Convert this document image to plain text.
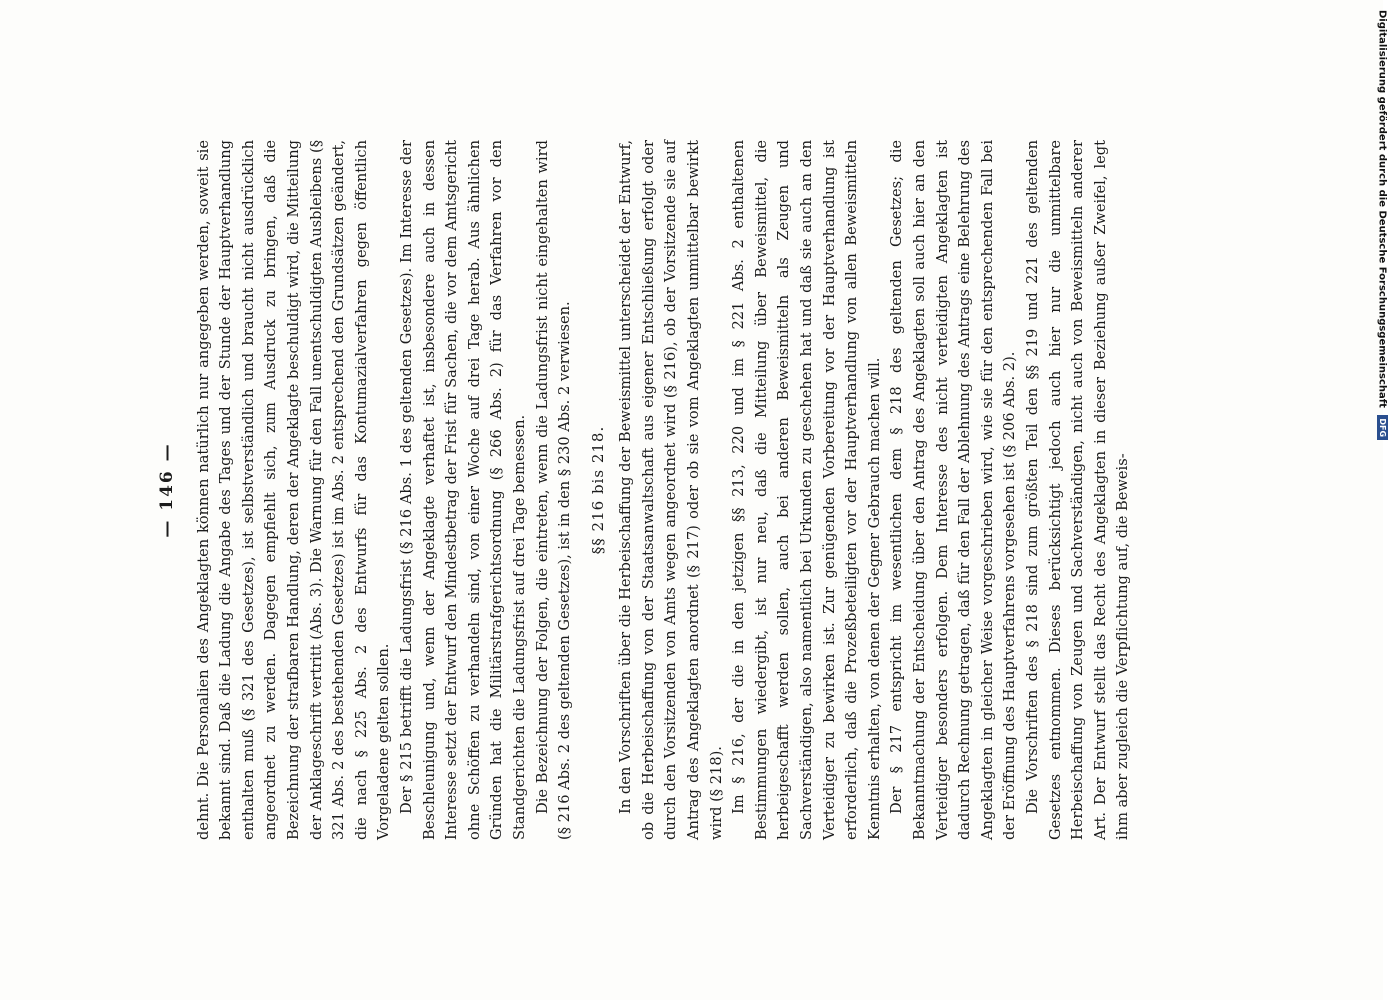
— 146 — dehnt. Die Personalien des Angeklagten können natürlich nur angegeben werden, soweit sie bekannt sind. Daß die Ladung die Angabe des Tages und der Stunde der Hauptverhandlung enthalten muß (§ 321 des Gesetzes), ist selbstverständlich und braucht nicht ausdrücklich angeordnet zu werden. Dagegen empfiehlt sich, zum Ausdruck zu bringen, daß die Bezeichnung der strafbaren Handlung, deren der Angeklagte beschuldigt wird, die Mitteilung der Anklageschrift vertritt (Abs. 3). Die Warnung für den Fall unentschuldigten Ausbleibens (§ 321 Abs. 2 des bestehenden Gesetzes) ist im Abs. 2 entsprechend den Grundsätzen geändert, die nach § 225 Abs. 2 des Entwurfs für das Kontumazialverfahren gegen öffentlich Vorgeladene gelten sollen. Der § 215 betrifft die Ladungsfrist (§ 216 Abs. 1 des geltenden Gesetzes). Im Interesse der Beschleunigung und, wenn der Angeklagte verhaftet ist, insbesondere auch in dessen Interesse setzt der Entwurf den Mindestbetrag der Frist für Sachen, die vor dem Amtsgericht ohne Schöffen zu verhandeln sind, von einer Woche auf drei Tage herab. Aus ähnlichen Gründen hat die Militärstrafgerichtsordnung (§ 266 Abs. 2) für das Verfahren vor den Standgerichten die Ladungsfrist auf drei Tage bemessen. Die Bezeichnung der Folgen, die eintreten, wenn die Ladungsfrist nicht eingehalten wird (§ 216 Abs. 2 des geltenden Gesetzes), ist in den § 230 Abs. 2 verwiesen. §§ 216 bis 218. In den Vorschriften über die Herbeischaffung der Beweismittel unterscheidet der Entwurf, ob die Herbeischaffung von der Staatsanwaltschaft aus eigener Entschließung erfolgt oder durch den Vorsitzenden von Amts wegen angeordnet wird (§ 216), ob der Vorsitzende sie auf Antrag des Angeklagten anordnet (§ 217) oder ob sie vom Angeklagten unmittelbar bewirkt wird (§ 218). Im § 216, der die in den jetzigen §§ 213, 220 und im § 221 Abs. 2 enthaltenen Bestimmungen wiedergibt, ist nur neu, daß die Mitteilung über Beweismittel, die herbeigeschafft werden sollen, auch bei anderen Beweismitteln als Zeugen und Sachverständigen, also namentlich bei Urkunden zu geschehen hat und daß sie auch an den Verteidiger zu bewirken ist. Zur genügenden Vorbereitung vor der Hauptverhandlung ist erforderlich, daß die Prozeßbeteiligten vor der Hauptverhandlung von allen Beweismitteln Kenntnis erhalten, von denen der Gegner Gebrauch machen will. Der § 217 entspricht im wesentlichen dem § 218 des geltenden Gesetzes; die Bekanntmachung der Entscheidung über den Antrag des Angeklagten soll auch hier an den Verteidiger besonders erfolgen. Dem Interesse des nicht verteidigten Angeklagten ist dadurch Rechnung getragen, daß für den Fall der Ablehnung des Antrags eine Belehrung des Angeklagten in gleicher Weise vorgeschrieben wird, wie sie für den entsprechenden Fall bei der Eröffnung des Hauptverfahrens vorgesehen ist (§ 206 Abs. 2). Die Vorschriften des § 218 sind zum größten Teil den §§ 219 und 221 des geltenden Gesetzes entnommen. Dieses berücksichtigt jedoch auch hier nur die unmittelbare Herbeischaffung von Zeugen und Sachverständigen, nicht auch von Beweismitteln anderer Art. Der Entwurf stellt das Recht des Angeklagten in dieser Beziehung außer Zweifel, legt ihm aber zugleich die Verpflichtung auf, die Beweis-

Digitalisierung gefördert durch die Deutsche Forschungsgemeinschaft DFG
